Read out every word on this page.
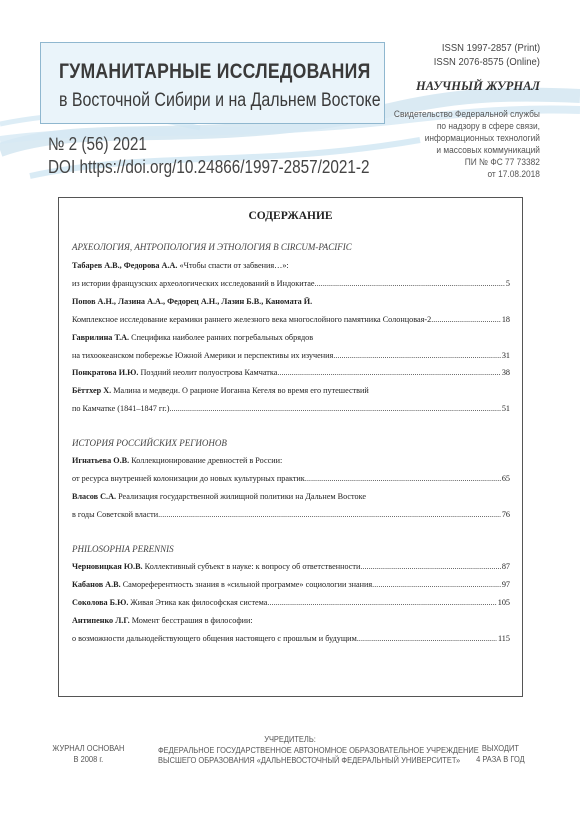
ГУМАНИТАРНЫЕ ИССЛЕДОВАНИЯ
в Восточной Сибири и на Дальнем Востоке
ISSN 1997-2857 (Print)
ISSN 2076-8575 (Online)
НАУЧНЫЙ ЖУРНАЛ
Свидетельство Федеральной службы
по надзору в сфере связи,
информационных технологий
и массовых коммуникаций
ПИ № ФС 77 73382
от 17.08.2018
№ 2 (56) 2021
DOI https://doi.org/10.24866/1997-2857/2021-2
СОДЕРЖАНИЕ
АРХЕОЛОГИЯ, АНТРОПОЛОГИЯ И ЭТНОЛОГИЯ В CIRCUM-PACIFIC
Табарев А.В., Федорова А.А. «Чтобы спасти от забвения…»:
из истории французских археологических исследований в Индокитае .....	5
Попов А.Н., Лазина А.А., Федорец А.Н., Лазин Б.В., Канoмата Й.
Комплексное исследование керамики раннего железного века многослойного памятника Солонцовая-2 .....	18
Гаврилина Т.А. Специфика наиболее ранних погребальных обрядов
на тихоокеанском побережье Южной Америки и перспективы их изучения .....	31
Понкратова И.Ю. Поздний неолит полуострова Камчатка .....	38
Бёттхер Х. Малина и медведи. О рационе Иоганна Кегеля во время его путешествий
по Камчатке (1841–1847 гг.) .....	51
ИСТОРИЯ РОССИЙСКИХ РЕГИОНОВ
Игнатьева О.В. Коллекционирование древностей в России:
от ресурса внутренней колонизации до новых культурных практик .....	65
Власов С.А. Реализация государственной жилищной политики на Дальнем Востоке
в годы Советской власти .....	76
PHILOSOPHIA PERENNIS
Черновицкая Ю.В. Коллективный субъект в науке: к вопросу об ответственности .....	87
Кабанов А.В. Самореферентность знания в «сильной программе» социологии знания .....	97
Соколова Б.Ю. Живая Этика как философская система .....	105
Антипенко Л.Г. Момент бесстрашия в философии:
о возможности дальнодействующего общения настоящего с прошлым и будущим .....	115
ЖУРНАЛ ОСНОВАН
В 2008 г.
УЧРЕДИТЕЛЬ:
ФЕДЕРАЛЬНОЕ ГОСУДАРСТВЕННОЕ АВТОНОМНОЕ ОБРАЗОВАТЕЛЬНОЕ УЧРЕЖДЕНИЕ
ВЫСШЕГО ОБРАЗОВАНИЯ «ДАЛЬНЕВОСТОЧНЫЙ ФЕДЕРАЛЬНЫЙ УНИВЕРСИТЕТ»
ВЫХОДИТ
4 РАЗА В ГОД
